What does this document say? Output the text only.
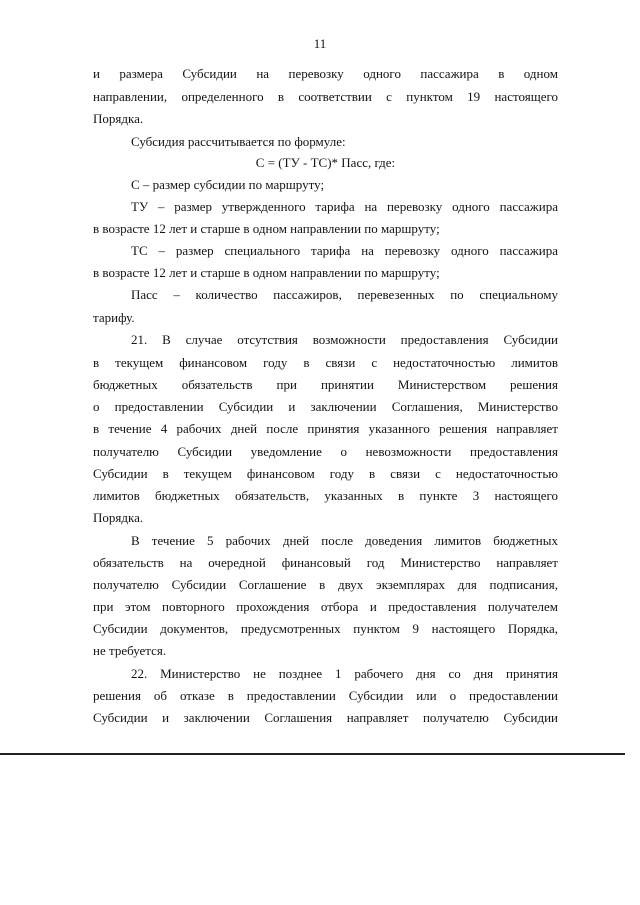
11
и размера Субсидии на перевозку одного пассажира в одном
направлении, определенного в соответствии с пунктом 19 настоящего
Порядка.
Субсидия рассчитывается по формуле:
С = (ТУ - ТС)* Пасс, где:
С – размер субсидии по маршруту;
ТУ – размер утвержденного тарифа на перевозку одного пассажира
в возрасте 12 лет и старше в одном направлении по маршруту;
ТС – размер специального тарифа на перевозку одного пассажира
в возрасте 12 лет и старше в одном направлении по маршруту;
Пасс – количество пассажиров, перевезенных по специальному
тарифу.
21. В случае отсутствия возможности предоставления Субсидии
в текущем финансовом году в связи с недостаточностью лимитов
бюджетных обязательств при принятии Министерством решения
о предоставлении Субсидии и заключении Соглашения, Министерство
в течение 4 рабочих дней после принятия указанного решения направляет
получателю Субсидии уведомление о невозможности предоставления
Субсидии в текущем финансовом году в связи с недостаточностью
лимитов бюджетных обязательств, указанных в пункте 3 настоящего
Порядка.
В течение 5 рабочих дней после доведения лимитов бюджетных
обязательств на очередной финансовый год Министерство направляет
получателю Субсидии Соглашение в двух экземплярах для подписания,
при этом повторного прохождения отбора и предоставления получателем
Субсидии документов, предусмотренных пунктом 9 настоящего Порядка,
не требуется.
22. Министерство не позднее 1 рабочего дня со дня принятия
решения об отказе в предоставлении Субсидии или о предоставлении
Субсидии и заключении Соглашения направляет получателю Субсидии
